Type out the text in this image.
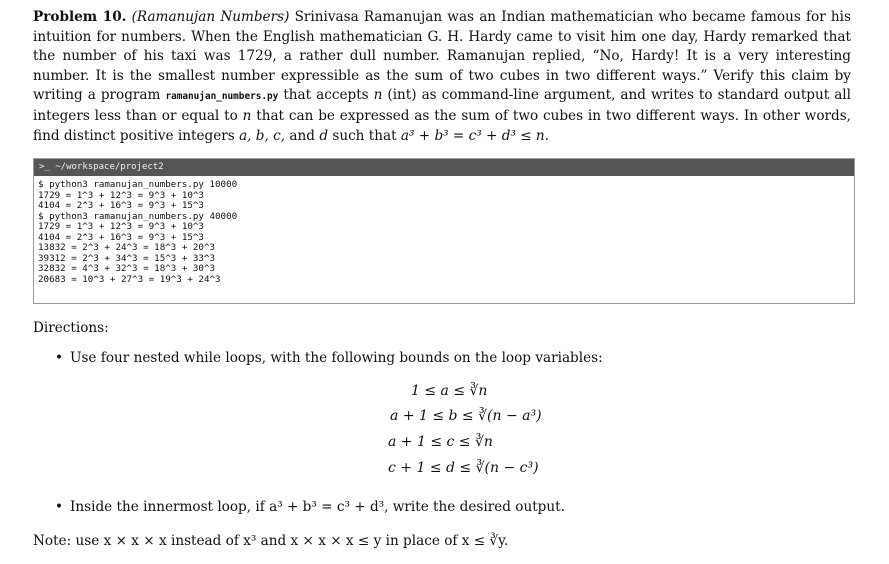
Problem 10. (Ramanujan Numbers) Srinivasa Ramanujan was an Indian mathematician who became famous for his intuition for numbers. When the English mathematician G. H. Hardy came to visit him one day, Hardy remarked that the number of his taxi was 1729, a rather dull number. Ramanujan replied, “No, Hardy! It is a very interesting number. It is the smallest number expressible as the sum of two cubes in two different ways.” Verify this claim by writing a program ramanujan_numbers.py that accepts n (int) as command-line argument, and writes to standard output all integers less than or equal to n that can be expressed as the sum of two cubes in two different ways. In other words, find distinct positive integers a, b, c, and d such that a³ + b³ = c³ + d³ ≤ n.
>_ ~/workspace/project2
$ python3 ramanujan_numbers.py 10000
1729 = 1^3 + 12^3 = 9^3 + 10^3
4104 = 2^3 + 16^3 = 9^3 + 15^3
$ python3 ramanujan_numbers.py 40000
1729 = 1^3 + 12^3 = 9^3 + 10^3
4104 = 2^3 + 16^3 = 9^3 + 15^3
13832 = 2^3 + 24^3 = 18^3 + 20^3
39312 = 2^3 + 34^3 = 15^3 + 33^3
32832 = 4^3 + 32^3 = 18^3 + 30^3
20683 = 10^3 + 27^3 = 19^3 + 24^3
Directions:
• Use four nested while loops, with the following bounds on the loop variables:
1 ≤ a ≤ ∛n
a + 1 ≤ b ≤ ∛(n − a³)
a + 1 ≤ c ≤ ∛n
c + 1 ≤ d ≤ ∛(n − c³)
• Inside the innermost loop, if a³ + b³ = c³ + d³, write the desired output.
Note: use x × x × x instead of x³ and x × x × x ≤ y in place of x ≤ ∛y.
